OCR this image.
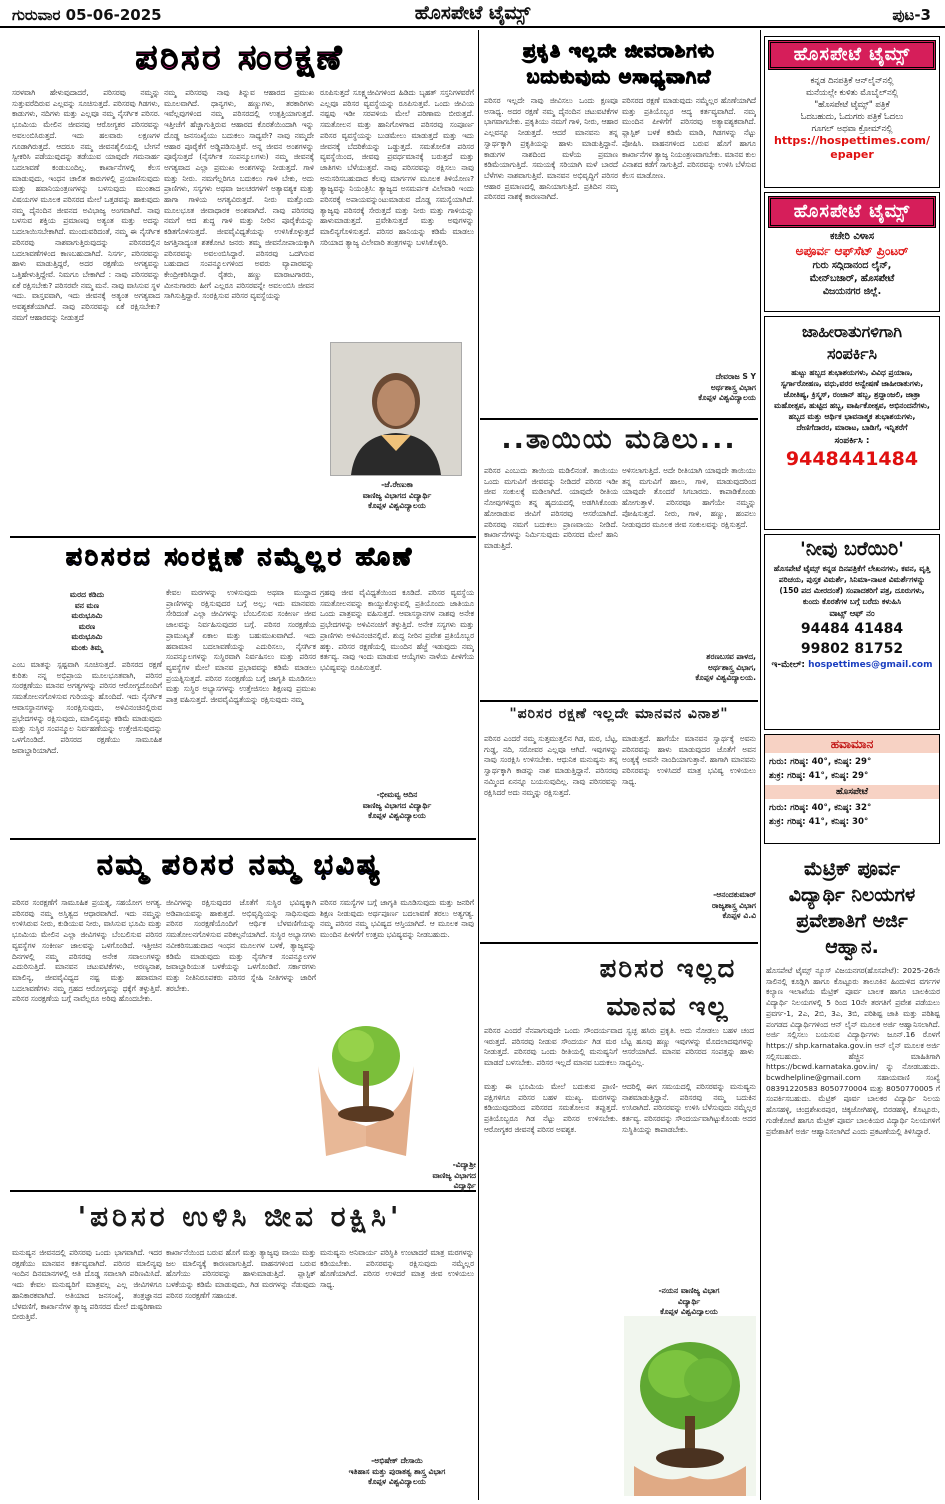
ಗುರುವಾರ 05-06-2025	ಹೊಸಪೇಟೆ ಟೈಮ್ಸ್	ಪುಟ-3
ಪರಿಸರ ಸಂರಕ್ಷಣೆ
ಸರಳವಾಗಿ ಹೇಳುವುದಾದರೆ, ಪರಿಸರವು ನಮ್ಮನ್ನು ಸುತ್ತುವರೆದಿರುವ ಎಲ್ಲವನ್ನು ಸೂಚಿಸುತ್ತದೆ. ಪರಿಸರವು ಗಿಡಗಳು, ಕಾಡುಗಳು, ನದಿಗಳು ಮತ್ತು ಎಲ್ಲವೂ ನಮ್ಮ ನೈಸರ್ಗಿಕ ಪರಿಸರ. ಭೂಮಿಯ ಮೇಲಿನ ಜೀವನವು ಆರೋಗ್ಯಕರ ಪರಿಸರವನ್ನು ಅವಲಂಬಿಸಿರುತ್ತದೆ. ಇದು ಹಲವಾರು ಲಕ್ಷಣಗಳ ಗೂಡಾಗಿರುತ್ತದೆ. ಆದರೂ ನಮ್ಮ ಜೀವನಶೈಲಿಯಲ್ಲಿ ಬೇಗನೆ ಸ್ವೀಕರಿಸಿ ಪಡೆಯುವುದನ್ನು ತಡೆಯುವ ಯಾವುದೇ ಗಮನಾರ್ಹ ಬದಲಾವಣೆ ಕಂಡುಬಂದಿಲ್ಲ. ಕಾರ್ಖಾನೆಗಳಲ್ಲಿ ಕೆಲಸ ಮಾಡುವುದು, ಇಂಧನ ಚಾಲಿತ ಕಾರುಗಳಲ್ಲಿ ಪ್ರಯಾಣಿಸುವುದು ಮತ್ತು ಹವಾನಿಯಂತ್ರಣಗಳನ್ನು ಬಳಸುವುದು ಮುಂತಾದ ವಿಷಯಗಳ ಮೂಲಕ ಪರಿಸರದ ಮೇಲೆ ಒತ್ತಡವನ್ನು ಹಾಕುವುದು ನಮ್ಮ ದೈನಂದಿನ ಜೀವನದ ಅವಿಭಾಜ್ಯ ಅಂಗವಾಗಿದೆ. ನಾವು ಬಳಸುವ ಶಕ್ತಿಯ ಪ್ರಮಾಣವು ಅತ್ಯಂತ ಮತ್ತು ಅದನ್ನು ಬದಲಾಯಿಸಬೇಕಾಗಿದೆ. ಮುಂದುವರಿದಂತೆ, ನಮ್ಮ ಈ ನೈಸರ್ಗಿಕ ಪರಿಸರವು ನಾಶವಾಗುತ್ತಿರುವುದನ್ನು ಪರಿಸರದಲ್ಲಿನ ಬದಲಾವಣೆಗಳಿಂದ ಕಾಣಬಹುದಾಗಿದೆ. ನಿಸರ್ಗ, ಪರಿಸರವನ್ನು ಹಾಳು ಮಾಡುತ್ತಿದ್ದರೆ, ಅದರ ರಕ್ಷಣೆಯ ಅಗತ್ಯವನ್ನು ಒತ್ತಿಹೇಳುತ್ತಿದ್ದೇವೆ. ನಿಮಗೂ ಬೇಕಾಗಿದೆ : ನಾವು ಪರಿಸರವನ್ನು ಏಕೆ ರಕ್ಷಿಸಬೇಕು? ಪರಿಸರವೇ ನಮ್ಮ ಮನೆ. ನಾವು ವಾಸಿಸುವ ಸ್ಥಳ ಇದು. ವಾಸ್ತವವಾಗಿ, ಇದು ಜೀವನಕ್ಕೆ ಅತ್ಯಂತ ಅಗತ್ಯವಾದ ಅವಶ್ಯಕತೆಯಾಗಿದೆ. ನಾವು ಪರಿಸರವನ್ನು ಏಕೆ ರಕ್ಷಿಸಬೇಕು? ನಮಗೆ ಆಹಾರವನ್ನು ನೀಡುತ್ತದೆ
ನಮ್ಮ ಪರಿಸರವು ನಾವು ತಿನ್ನುವ ಆಹಾರದ ಪ್ರಮುಖ ಮೂಲವಾಗಿದೆ. ಧಾನ್ಯಗಳು, ಹಣ್ಣುಗಳು, ತರಕಾರಿಗಳು ಇವೆಲ್ಲವುಗಳಿಂದ ನಮ್ಮ ಪರಿಸರದಲ್ಲಿ ಉತ್ಪತ್ತಿಯಾಗುತ್ತದೆ. ಇತ್ತೀಚೆಗೆ ಹೆಚ್ಚಾಗುತ್ತಿರುವ ಆಹಾರದ ಕೊರತೆಯಿಂದಾಗಿ ಇನ್ನು ದೊಡ್ಡ ಜನಸಂಖ್ಯೆಯು ಬದುಕಲು ಸಾಧ್ಯವೇ? ನಾವು ನಮ್ಮದೇ ಆಹಾರ ಪೂರೈಕೆಗೆ ಅಡ್ಡಿಪಡಿಸುತ್ತಿವೆ. ಅನ್ನ ಜೀವನ ಅಂಶಗಳನ್ನು ಪೂರೈಸುತ್ತದೆ (ನೈಸರ್ಗಿಕ ಸಂಪನ್ಮೂಲಗಳು) ನಮ್ಮ ಜೀವನಕ್ಕೆ ಅಗತ್ಯವಾದ ಎಲ್ಲಾ ಪ್ರಮುಖ ಅಂಶಗಳನ್ನು ನೀಡುತ್ತದೆ. ಗಾಳಿ ಮತ್ತು ನೀರು. ನಮಗೆಲ್ಲರಿಗೂ ಬದುಕಲು ಗಾಳಿ ಬೇಕು, ಅದು ಪ್ರಾಣಿಗಳು, ಸಸ್ಯಗಳು ಅಥವಾ ಜಲಚರಗಳಿಗೆ ಅತ್ಯಾವಶ್ಯಕ ಮತ್ತು ಹಾಗಾ ಗಾಳಿಯ ಅಗತ್ಯವಿರುತ್ತದೆ. ನೀರು ಮತ್ತೊಂದು ಮೂಲಭೂತ ಜೀವಾಧಾರಕ ಅಂಶವಾಗಿದೆ. ನಾವು ಪರಿಸರವು ನಮಗೆ ಆದ ಶುದ್ಧ ಗಾಳಿ ಮತ್ತು ನೀರಿನ ಪೂರೈಕೆಯನ್ನು ಕಡಿತಗೊಳಿಸುತ್ತದೆ. ಜೀವವೈವಿಧ್ಯತೆಯನ್ನು ಉಳಿಸಿಕೊಳ್ಳುತ್ತದೆ ಜಗತ್ತಿನಾದ್ಯಂತ ಶತಕೋಟಿ ಜನರು ತಮ್ಮ ಜೀವನೋಪಾಯಕ್ಕಾಗಿ ಪರಿಸರವನ್ನು ಅವಲಂಬಿಸಿದ್ದಾರೆ. ಪರಿಸರವು ಒದಗಿಸುವ ಬಹುದಾದ ಸಂಪನ್ಮೂಲಗಳಿಂದ ಅವರು ವ್ಯಾಪಾರವನ್ನು ಕೇಂದ್ರೀಕರಿಸಿದ್ದಾರೆ. ರೈತರು, ಹಣ್ಣು ಮಾರಾಟಗಾರರು, ಮೀನುಗಾರರು ಹೀಗೆ ಎಲ್ಲರೂ ಪರಿಸರವನ್ನೇ ಅವಲಂಬಿಸಿ ಜೀವನ ಸಾಗಿಸುತ್ತಿದ್ದಾರೆ. ಸಂರಕ್ಷಿಸುವ ಪರಿಸರ ವ್ಯವಸ್ಥೆಯನ್ನು
ರೂಪಿಸುತ್ತದೆ ಸೂಕ್ಷ್ಮಜೀವಿಗಳಿಂದ ಹಿಡಿದು ಬೃಹತ್ ಸಸ್ತನಿಗಳವರೆಗೆ ಎಲ್ಲವೂ ಪರಿಸರ ವ್ಯವಸ್ಥೆಯನ್ನು ರೂಪಿಸುತ್ತವೆ. ಒಂದು ಜೀವಿಯ ನಷ್ಟವು ಇಡೀ ಸರಪಳಿಯ ಮೇಲೆ ಪರಿಣಾಮ ಬೀರುತ್ತದೆ. ಸಮತೋಲನ ಮತ್ತು ಹಾನಿಗೊಳಗಾದ ಪರಿಸರವು ಸಂಪೂರ್ಣ ಪರಿಸರ ವ್ಯವಸ್ಥೆಯನ್ನು ಬುಡಮೇಲು ಮಾಡುತ್ತದೆ ಮತ್ತು ಇದು ಜೀವನಕ್ಕೆ ಬೆದರಿಕೆಯನ್ನು ಒಡ್ಡುತ್ತದೆ. ಸಮತೋಲಿತ ಪರಿಸರ ವ್ಯವಸ್ಥೆಯಿಂದ, ಜೀವವು ಪ್ರವರ್ಧಮಾನಕ್ಕೆ ಬರುತ್ತದೆ ಮತ್ತು ಜಾತಿಗಳು ಬೆಳೆಯುತ್ತವೆ. ನಾವು ಪರಿಸರವನ್ನು ರಕ್ಷಿಸಲು ನಾವು ಅನುಸರಿಸಬಹುದಾದ ಕೆಲವು ಮಾರ್ಗಗಳ ಮೂಲಕ ತಿಳಿಯೋಣ? ತ್ಯಾಜ್ಯವನ್ನು ನಿಯಂತ್ರಿಸಿ: ತ್ಯಾಜ್ಯದ ಅಸಮರ್ಪಕ ವಿಲೇವಾರಿ ಇಂದು ಪರಿಸರಕ್ಕೆ ಅಪಾಯವನ್ನುಂಟುಮಾಡುವ ದೊಡ್ಡ ಸಮಸ್ಯೆಯಾಗಿದೆ. ತ್ಯಾಜ್ಯವು ಪರಿಸರಕ್ಕೆ ಸೇರುತ್ತದೆ ಮತ್ತು ನೀರು ಮತ್ತು ಗಾಳಿಯನ್ನು ಹಾಳುಮಾಡುತ್ತದೆ. ಪ್ರವೇಶಿಸುತ್ತದೆ ಮತ್ತು ಅವುಗಳನ್ನು ಮಾಲಿನ್ಯಗೊಳಿಸುತ್ತದೆ. ಪರಿಸರ ಹಾನಿಯನ್ನು ಕಡಿಮೆ ಮಾಡಲು ಸರಿಯಾದ ತ್ಯಾಜ್ಯ ವಿಲೇವಾರಿ ತಂತ್ರಗಳನ್ನು ಬಳಸಿಕೊಳ್ಳಿರಿ.
-ಜೆ.ರೇಣುಕಾ
ವಾಣಿಜ್ಯ ವಿಭಾಗದ ವಿದ್ಯಾರ್ಥಿ
ಕೊಪ್ಪಳ ವಿಶ್ವವಿದ್ಯಾಲಯ
ಪರಿಸರದ ಸಂರಕ್ಷಣೆ ನಮ್ಮೆಲ್ಲರ ಹೊಣೆ
ಮರದ ಕಡಿದು
ವನ ಮಣ
ಮರುಭೂಮಿ
ಮರಣ
ಮರುಭೂಮಿ
ಮಂಕು ತಿಮ್ಮ
ಎಂಬ ಮಾತನ್ನು ಸ್ಪಷ್ಟವಾಗಿ ಸೂಚಿಸುತ್ತದೆ. ಪರಿಸರದ ರಕ್ಷಣೆ ಕುರಿತು ನನ್ನ ಅಭಿಪ್ರಾಯ ಮೂಲಭೂತವಾಗಿ, ಪರಿಸರ ಸಂರಕ್ಷಣೆಯು ಮಾನವ ಅಗತ್ಯಗಳನ್ನು ಪರಿಸರ ಆರೋಗ್ಯದೊಂದಿಗೆ ಸಮತೋಲನಗೊಳಿಸುವ ಗುರಿಯನ್ನು ಹೊಂದಿದೆ. ಇದು ನೈಸರ್ಗಿಕ ಆವಾಸಸ್ಥಾನಗಳನ್ನು ಸಂರಕ್ಷಿಸುವುದು, ಅಳಿವಿನಂಚಿನಲ್ಲಿರುವ ಪ್ರಭೇದಗಳನ್ನು ರಕ್ಷಿಸುವುದು, ಮಾಲಿನ್ಯವನ್ನು ಕಡಿಮೆ ಮಾಡುವುದು ಮತ್ತು ಸುಸ್ಥಿರ ಸಂಪನ್ಮೂಲ ನಿರ್ವಹಣೆಯನ್ನು ಉತ್ತೇಜಿಸುವುದನ್ನು ಒಳಗೊಂಡಿದೆ. ಪರಿಸರದ ರಕ್ಷಣೆಯು ಸಾಮೂಹಿಕ ಜವಾಬ್ದಾರಿಯಾಗಿದೆ.
ಕೇವಲ ಮರಗಳನ್ನು ಉಳಿಸುವುದು ಅಥವಾ ಮುದ್ದಾದ ಪ್ರಾಣಿಗಳನ್ನು ರಕ್ಷಿಸುವುದರ ಬಗ್ಗೆ ಅಲ್ಲ; ಇದು ಮಾನವರು ಸೇರಿದಂತೆ ಎಲ್ಲಾ ಜೀವಿಗಳನ್ನು ಬೆಂಬಲಿಸುವ ಸಂಕೀರ್ಣ ಜೀವ ಜಾಲವನ್ನು ನಿರ್ವಹಿಸುವುದರ ಬಗ್ಗೆ. ಪರಿಸರ ಸಂರಕ್ಷಣೆಯ ಪ್ರಾಮುಖ್ಯತೆ ಏಕಾಲ ಮತ್ತು ಬಹುಮುಖವಾಗಿದೆ. ಇದು ಹವಾಮಾನ ಬದಲಾವಣೆಯನ್ನು ಎದುರಿಸಲು, ನೈಸರ್ಗಿಕ ಸಂಪನ್ಮೂಲಗಳನ್ನು ಸುಸ್ಥಿರವಾಗಿ ನಿರ್ವಹಿಸಲು ಮತ್ತು ಪರಿಸರ ವ್ಯವಸ್ಥೆಗಳ ಮೇಲೆ ಮಾನವ ಪ್ರಭಾವವನ್ನು ಕಡಿಮೆ ಮಾಡಲು ಪ್ರಯತ್ನಿಸುತ್ತದೆ. ಪರಿಸರ ಸಂರಕ್ಷಣೆಯ ಬಗ್ಗೆ ಜಾಗೃತಿ ಮೂಡಿಸಲು ಮತ್ತು ಸುಸ್ಥಿರ ಅಭ್ಯಾಸಗಳನ್ನು ಉತ್ತೇಜಿಸಲು ಶಿಕ್ಷಣವು ಪ್ರಮುಖ ಪಾತ್ರ ವಹಿಸುತ್ತದೆ. ಜೀವವೈವಿಧ್ಯತೆಯನ್ನು ರಕ್ಷಿಸುವುದು ನಮ್ಮ
ಗ್ರಹವು ಜೀವ ವೈವಿಧ್ಯತೆಯಿಂದ ಕೂಡಿದೆ. ಪರಿಸರ ವ್ಯವಸ್ಥೆಯ ಸಮತೋಲನವನ್ನು ಕಾಯ್ದುಕೊಳ್ಳುವಲ್ಲಿ ಪ್ರತಿಯೊಂದು ಜಾತಿಯೂ ಒಂದು ಪಾತ್ರವನ್ನು ವಹಿಸುತ್ತದೆ. ಆವಾಸಸ್ಥಾನಗಳ ನಾಶವು ಅನೇಕ ಪ್ರಭೇದಗಳನ್ನು ಅಳಿವಿನಂಚಿಗೆ ತಳ್ಳುತ್ತಿದೆ. ಅನೇಕ ಸಸ್ಯಗಳು ಮತ್ತು ಪ್ರಾಣಿಗಳು ಅಳಿವಿನಂಚಿನಲ್ಲಿವೆ. ಶುದ್ಧ ನೀರಿನ ಪ್ರವೇಶ ಪ್ರತಿಯೊಬ್ಬರ ಹಕ್ಕು. ಪರಿಸರ ರಕ್ಷಣೆಯಲ್ಲಿ ಮುಂದಿನ ಹೆಜ್ಜೆ ಇಡುವುದು ನಮ್ಮ ಕರ್ತವ್ಯ. ನಾವು ಇಂದು ಮಾಡುವ ಆಯ್ಕೆಗಳು ನಾಳೆಯ ಪೀಳಿಗೆಯ ಭವಿಷ್ಯವನ್ನು ರೂಪಿಸುತ್ತವೆ.
-ಭೀಮವ್ವ ಆದಿನ
ವಾಣಿಜ್ಯ ವಿಭಾಗದ ವಿದ್ಯಾರ್ಥಿ
ಕೊಪ್ಪಳ ವಿಶ್ವವಿದ್ಯಾಲಯ
ನಮ್ಮ ಪರಿಸರ ನಮ್ಮ ಭವಿಷ್ಯ
ಪರಿಸರ ಸಂರಕ್ಷಣೆಗೆ ಸಾಮೂಹಿಕ ಪ್ರಯತ್ನ, ಸಹಯೋಗ ಅಗತ್ಯ. ಪರಿಸರವು ನಮ್ಮ ಅಸ್ತಿತ್ವದ ಆಧಾರವಾಗಿದೆ. ಇದು ನಮ್ಮನ್ನು ಉಳಿಸಿರುವ ನೀರು, ಕುಡಿಯುವ ನೀರು, ವಾಸಿಸುವ ಭೂಮಿ ಮತ್ತು ಭೂಮಿಯ ಮೇಲಿನ ಎಲ್ಲಾ ಜೀವಿಗಳನ್ನು ಬೆಂಬಲಿಸುವ ಪರಿಸರ ವ್ಯವಸ್ಥೆಗಳ ಸಂಕೀರ್ಣ ಜಾಲವನ್ನು ಒಳಗೊಂಡಿದೆ. ಇತ್ತೀಚಿನ ದಿನಗಳಲ್ಲಿ ನಮ್ಮ ಪರಿಸರವು ಅನೇಕ ಸವಾಲುಗಳನ್ನು ಎದುರಿಸುತ್ತಿದೆ. ಮಾನವನ ಚಟುವಟಿಕೆಗಳು, ಅರಣ್ಯನಾಶ, ಮಾಲಿನ್ಯ, ಜೀವವೈವಿಧ್ಯದ ನಷ್ಟ ಮತ್ತು ಹವಾಮಾನ ಬದಲಾವಣೆಗಳು ನಮ್ಮ ಗ್ರಹದ ಆರೋಗ್ಯವನ್ನು ಧಕ್ಕೆಗೆ ತಳ್ಳುತ್ತಿವೆ. ಪರಿಸರ ಸಂರಕ್ಷಣೆಯ ಬಗ್ಗೆ ನಾವೆಲ್ಲರೂ ಅರಿವು ಹೊಂದಬೇಕು.
ಜೀವಿಗಳನ್ನು ರಕ್ಷಿಸುವುದರ ಜೊತೆಗೆ ಸುಸ್ಥಿರ ಭವಿಷ್ಯಕ್ಕಾಗಿ ಅಡಿಪಾಯವನ್ನು ಹಾಕುತ್ತದೆ. ಅಭಿವೃದ್ಧಿಯನ್ನು ಸಾಧಿಸುವುದು ಪರಿಸರ ಸಂರಕ್ಷಣೆಯೊಂದಿಗೆ ಆರ್ಥಿಕ ಬೆಳವಣಿಗೆಯನ್ನು ಸಮತೋಲನಗೊಳಿಸುವ ಪರಿಕಲ್ಪನೆಯಾಗಿದೆ. ಸುಸ್ಥಿರ ಅಭ್ಯಾಸಗಳು ನವೀಕರಿಸಬಹುದಾದ ಇಂಧನ ಮೂಲಗಳ ಬಳಕೆ, ತ್ಯಾಜ್ಯವನ್ನು ಕಡಿಮೆ ಮಾಡುವುದು ಮತ್ತು ನೈಸರ್ಗಿಕ ಸಂಪನ್ಮೂಲಗಳ ಜವಾಬ್ದಾರಿಯುತ ಬಳಕೆಯನ್ನು ಒಳಗೊಂಡಿವೆ. ಸರ್ಕಾರಗಳು ಮತ್ತು ನೀತಿನಿರೂಪಕರು ಪರಿಸರ ಸ್ನೇಹಿ ನೀತಿಗಳನ್ನು ಜಾರಿಗೆ ತರಬೇಕು.
ಪರಿಸರ ಸಮಸ್ಯೆಗಳ ಬಗ್ಗೆ ಜಾಗೃತಿ ಮೂಡಿಸುವುದು ಮತ್ತು ಜನರಿಗೆ ಶಿಕ್ಷಣ ನೀಡುವುದು ಅರ್ಥಪೂರ್ಣ ಬದಲಾವಣೆ ತರಲು ಅತ್ಯಗತ್ಯ. ನಮ್ಮ ಪರಿಸರ ನಮ್ಮ ಭವಿಷ್ಯದ ಆಸ್ತಿಯಾಗಿದೆ. ಆ ಮೂಲಕ ನಾವು ಮುಂದಿನ ಪೀಳಿಗೆಗೆ ಉತ್ತಮ ಭವಿಷ್ಯವನ್ನು ನೀಡಬಹುದು.
-ವಿದ್ಯಾಶ್ರೀ
ವಾಣಿಜ್ಯ ವಿಭಾಗದ ವಿದ್ಯಾರ್ಥಿ
'ಪರಿಸರ ಉಳಿಸಿ ಜೀವ ರಕ್ಷಿಸಿ'
ಮನುಷ್ಯನ ಜೀವನದಲ್ಲಿ ಪರಿಸರವು ಒಂದು ಭಾಗವಾಗಿದೆ. ಇದರ ರಕ್ಷಣೆಯು ಮಾನವನ ಕರ್ತವ್ಯವಾಗಿದೆ. ಪರಿಸರ ಮಾಲಿನ್ಯವು ಇಂದಿನ ದಿನಮಾನಗಳಲ್ಲಿ ಅತಿ ದೊಡ್ಡ ಸವಾಲಾಗಿ ಪರಿಣಮಿಸಿದೆ. ಇದು ಕೇವಲ ಮನುಷ್ಯರಿಗೆ ಮಾತ್ರವಲ್ಲ ಎಲ್ಲ ಜೀವಿಗಳಿಗೂ ಹಾನಿಕಾರಕವಾಗಿದೆ. ಅತಿಯಾದ ಜನಸಂಖ್ಯೆ, ತಂತ್ರಜ್ಞಾನದ ಬೆಳವಣಿಗೆ, ಕಾರ್ಖಾನೆಗಳ ತ್ಯಾಜ್ಯ ಪರಿಸರದ ಮೇಲೆ ದುಷ್ಪರಿಣಾಮ ಬೀರುತ್ತಿವೆ.
ಕಾರ್ಖಾನೆಯಿಂದ ಬರುವ ಹೊಗೆ ಮತ್ತು ತ್ಯಾಜ್ಯವು ವಾಯು ಮತ್ತು ಜಲ ಮಾಲಿನ್ಯಕ್ಕೆ ಕಾರಣವಾಗುತ್ತಿದೆ. ವಾಹನಗಳಿಂದ ಬರುವ ಹೊಗೆಯು ಪರಿಸರವನ್ನು ಹಾಳುಮಾಡುತ್ತಿದೆ. ಪ್ಲಾಸ್ಟಿಕ್ ಬಳಕೆಯನ್ನು ಕಡಿಮೆ ಮಾಡುವುದು, ಗಿಡ ಮರಗಳನ್ನು ನೆಡುವುದು ಪರಿಸರ ಸಂರಕ್ಷಣೆಗೆ ಸಹಾಯಕ.
ಮನುಷ್ಯನು ಅನಿವಾರ್ಯ ಪರಿಸ್ಥಿತಿ ಉಂಟಾದರೆ ಮಾತ್ರ ಮರಗಳನ್ನು ಕಡಿಯಬೇಕು. ಪರಿಸರವನ್ನು ರಕ್ಷಿಸುವುದು ನಮ್ಮೆಲ್ಲರ ಹೊಣೆಯಾಗಿದೆ. ಪರಿಸರ ಉಳಿದರೆ ಮಾತ್ರ ಜೀವ ಉಳಿಯಲು ಸಾಧ್ಯ.
-ಅಭಿಷೇಕ್ ದೇಸಾಯಿ
ಇತಿಹಾಸ ಮತ್ತು ಪುರಾತತ್ವ ಶಾಸ್ತ್ರ ವಿಭಾಗ
ಕೊಪ್ಪಳ ವಿಶ್ವವಿದ್ಯಾಲಯ
ಪ್ರಕೃತಿ ಇಲ್ಲದೇ ಜೀವರಾಶಿಗಳು
ಬದುಕುವುದು ಅಸಾಧ್ಯವಾಗಿದೆ
ಪರಿಸರ ಇಲ್ಲದೇ ನಾವು ಜೀವಿಸಲು ಒಂದು ಕ್ಷಣವೂ ಅಸಾಧ್ಯ. ಅದರ ರಕ್ಷಣೆ ನಮ್ಮ ದೈನಂದಿನ ಚಟುವಟಿಕೆಗಳ ಭಾಗವಾಗಬೇಕು. ಪ್ರಕೃತಿಯು ನಮಗೆ ಗಾಳಿ, ನೀರು, ಆಹಾರ ಎಲ್ಲವನ್ನೂ ನೀಡುತ್ತದೆ. ಆದರೆ ಮಾನವನು ತನ್ನ ಸ್ವಾರ್ಥಕ್ಕಾಗಿ ಪ್ರಕೃತಿಯನ್ನು ಹಾಳು ಮಾಡುತ್ತಿದ್ದಾನೆ. ಕಾಡುಗಳ ನಾಶದಿಂದ ಮಳೆಯ ಪ್ರಮಾಣ ಕಡಿಮೆಯಾಗುತ್ತಿದೆ. ಸಮಯಕ್ಕೆ ಸರಿಯಾಗಿ ಮಳೆ ಬಾರದೆ ಬೆಳೆಗಳು ನಾಶವಾಗುತ್ತಿವೆ. ಮಾನವನ ಅಭಿವೃದ್ಧಿಗೆ ಪರಿಸರ ಆಹಾರ ಪ್ರಮಾಣದಲ್ಲಿ ಹಾನಿಯಾಗುತ್ತಿದೆ. ಪ್ರತಿದಿನ ನಮ್ಮ ಪರಿಸರದ ನಾಶಕ್ಕೆ ಕಾರಣನಾಗಿದೆ.
ಪರಿಸರದ ರಕ್ಷಣೆ ಮಾಡುವುದು ನಮ್ಮೆಲ್ಲರ ಹೊಣೆಯಾಗಿದೆ ಮತ್ತು ಪ್ರತಿಯೊಬ್ಬರ ಆದ್ಯ ಕರ್ತವ್ಯವಾಗಿದೆ. ನಮ್ಮ ಮುಂದಿನ ಪೀಳಿಗೆಗೆ ಪರಿಸರವು ಅತ್ಯಾವಶ್ಯಕವಾಗಿದೆ. ಪ್ಲಾಸ್ಟಿಕ್ ಬಳಕೆ ಕಡಿಮೆ ಮಾಡಿ, ಗಿಡಗಳನ್ನು ನೆಟ್ಟು ಪೋಷಿಸಿ. ವಾಹನಗಳಿಂದ ಬರುವ ಹೊಗೆ ಹಾಗೂ ಕಾರ್ಖಾನೆಗಳ ತ್ಯಾಜ್ಯ ನಿಯಂತ್ರಣವಾಗಬೇಕು. ಮಾನವ ಕುಲ ವಿನಾಶದ ಕಡೆಗೆ ಸಾಗುತ್ತಿದೆ. ಪರಿಸರವನ್ನು ಉಳಿಸಿ ಬೆಳೆಸುವ ಕೆಲಸ ಮಾಡೋಣ.
ದೇವರಾಜ S Y
ಅರ್ಥಶಾಸ್ತ್ರ ವಿಭಾಗ
ಕೊಪ್ಪಳ ವಿಶ್ವವಿದ್ಯಾಲಯ
..ತಾಯಿಯ ಮಡಿಲು...
ಪರಿಸರ ಎಂಬುದು ತಾಯಿಯ ಮಡಿಲಿನಂತೆ. ತಾಯಿಯು ಒಂದು ಮಗುವಿಗೆ ಜೀವವನ್ನು ನೀಡಿದರೆ ಪರಿಸರ ಇಡೀ ಜೀವ ಸಂಕುಲಕ್ಕೆ ಮಡಿಲಾಗಿದೆ. ಯಾವುದೇ ರೀತಿಯ ನೋವುಗಳಿದ್ದರು ತನ್ನ ಹೃದಯದಲ್ಲಿ ಅಡಗಿಸಿಕೊಂಡು ಹೋರಾಡುವ ಜೀವಿಗೆ ಪರಿಸರವು ಆಸರೆಯಾಗಿದೆ. ಪರಿಸರವು ನಮಗೆ ಬದುಕಲು ಪ್ರಾಣವಾಯು ನೀಡಿದೆ. ಕಾರ್ಖಾನೆಗಳನ್ನು ನಿರ್ಮಿಸುವುದು ಪರಿಸರದ ಮೇಲೆ ಹಾನಿ ಮಾಡುತ್ತಿದೆ.
ಅಳಿಸಲಾಗುತ್ತಿದೆ. ಅದೇ ರೀತಿಯಾಗಿ ಯಾವುದೇ ತಾಯಿಯು ತನ್ನ ಮಗುವಿಗೆ ಹಾಲು, ಗಾಳಿ, ಮಾಡುವುದರಿಂದ ಯಾವುದೇ ತೊಂದರೆ ಸಿಗಬಾರದು. ಕಾಪಾಡಿಕೊಂಡು ಹೋಗುತ್ತಾಳೆ. ಪರಿಸರವೂ ಹಾಗೆಯೇ ನಮ್ಮನ್ನು ಪೋಷಿಸುತ್ತದೆ. ನೀರು, ಗಾಳಿ, ಹಣ್ಣು, ಹಂಪಲು ನೀಡುವುದರ ಮೂಲಕ ಜೀವ ಸಂಕುಲವನ್ನು ರಕ್ಷಿಸುತ್ತದೆ.
ಶರಣಬಸವ ಪಾಳದ,
ಅರ್ಥಶಾಸ್ತ್ರ ವಿಭಾಗ,
ಕೊಪ್ಪಳ ವಿಶ್ವವಿದ್ಯಾಲಯ.
"ಪರಿಸರ ರಕ್ಷಣೆ ಇಲ್ಲದೇ ಮಾನವನ ವಿನಾಶ"
ಪರಿಸರ ಎಂದರೆ ನಮ್ಮ ಸುತ್ತಮುತ್ತಲಿನ ಗಿಡ, ಮರ, ಬೆಟ್ಟ, ಗುಡ್ಡ, ನದಿ, ಸರೋವರ ಎಲ್ಲವೂ ಆಗಿದೆ. ಇವುಗಳನ್ನು ನಾವು ಸಂರಕ್ಷಿಸಿ ಉಳಿಸಬೇಕು. ಆಧುನಿಕ ಮನುಷ್ಯನು ತನ್ನ ಸ್ವಾರ್ಥಕ್ಕಾಗಿ ಕಾಡನ್ನು ನಾಶ ಮಾಡುತ್ತಿದ್ದಾನೆ. ಪರಿಸರವು ನಮ್ಮಿಂದ ಏನನ್ನೂ ಬಯಸುವುದಿಲ್ಲ. ನಾವು ಪರಿಸರವನ್ನು ರಕ್ಷಿಸಿದರೆ ಅದು ನಮ್ಮನ್ನು ರಕ್ಷಿಸುತ್ತದೆ.
ಮಾಡುತ್ತದೆ. ಹಾಗೆಯೇ ಮಾನವನ ಸ್ವಾರ್ಥಕ್ಕೆ ಅವನು ಪರಿಸರವನ್ನು ಹಾಳು ಮಾಡುವುದರ ಜೊತೆಗೆ ಅವನ ಅಂತ್ಯಕ್ಕೆ ಅವನೇ ನಾಂದಿಯಾಗುತ್ತಾನೆ. ಹಾಗಾಗಿ ಮಾನವನು ಪರಿಸರವನ್ನು ಉಳಿಸಿದರೆ ಮಾತ್ರ ಭವಿಷ್ಯ ಉಳಿಯಲು ಸಾಧ್ಯ.
-ಆನಂದಕುಮಾರ್
ರಾಜ್ಯಶಾಸ್ತ್ರ ವಿಭಾಗ
ಕೊಪ್ಪಳ ವಿ.ವಿ
ಪರಿಸರ ಇಲ್ಲದ
ಮಾನವ ಇಲ್ಲ
ಪರಿಸರ ಎಂದರೆ ನೆನಪಾಗುವುದೇ ಒಂದು ಸೌಂದರ್ಯವಾದ ಸ್ವಚ್ಛ ಹಸಿರು ಪ್ರಕೃತಿ. ಅದು ನೋಡಲು ಬಹಳ ಚಂದ ಇರುತ್ತದೆ. ಪರಿಸರವು ನೀಡುವ ಸೌಂದರ್ಯ ಗಿಡ ಮರ ಬೆಟ್ಟ ಹೂವು ಹಣ್ಣು ಇವುಗಳನ್ನು ಮೊದಲಾದವುಗಳನ್ನು ನೀಡುತ್ತದೆ. ಪರಿಸರವು ಒಂದು ರೀತಿಯಲ್ಲಿ ಮನುಷ್ಯನಿಗೆ ಆಸರೆಯಾಗಿದೆ. ಮಾನವ ಪರಿಸರದ ಸಂಪತ್ತನ್ನು ಹಾಳು ಮಾಡದೆ ಬಳಸಬೇಕು. ಪರಿಸರ ಇಲ್ಲದೆ ಮಾನವ ಬದುಕಲು ಸಾಧ್ಯವಿಲ್ಲ.
ಮತ್ತು ಈ ಭೂಮಿಯ ಮೇಲೆ ಬದುಕುವ ಪ್ರಾಣಿ-ಪಕ್ಷಿಗಳಿಗೂ ಪರಿಸರ ಬಹಳ ಮುಖ್ಯ. ಮರಗಳನ್ನು ಕಡಿಯುವುದರಿಂದ ಪರಿಸರದ ಸಮತೋಲನ ತಪ್ಪುತ್ತದೆ. ಪ್ರತಿಯೊಬ್ಬರೂ ಗಿಡ ನೆಟ್ಟು ಪರಿಸರ ಉಳಿಸಬೇಕು. ಆರೋಗ್ಯಕರ ಜೀವನಕ್ಕೆ ಪರಿಸರ ಅವಶ್ಯಕ.
ಆದರಿಲ್ಲಿ ಈಗ ಸಮಯದಲ್ಲಿ ಪರಿಸರವನ್ನು ಮನುಷ್ಯನು ನಾಶಮಾಡುತ್ತಿದ್ದಾನೆ. ಪರಿಸರವು ನಮ್ಮ ಬದುಕಿನ ಉಸಿರಾಗಿದೆ. ಪರಿಸರವನ್ನು ಉಳಿಸಿ ಬೆಳೆಸುವುದು ನಮ್ಮೆಲ್ಲರ ಕರ್ತವ್ಯ. ಪರಿಸರವನ್ನು ಸೌಂದರ್ಯವಾಗಿಟ್ಟುಕೊಂಡು ಅದರ ಸುಸ್ಥಿತಿಯನ್ನು ಕಾಪಾಡಬೇಕು.
-ನಯನ ವಾಣಿಜ್ಯ ವಿಭಾಗ
ವಿದ್ಯಾರ್ಥಿ
ಕೊಪ್ಪಳ ವಿಶ್ವವಿದ್ಯಾಲಯ
ಹೊಸಪೇಟೆ ಟೈಮ್ಸ್
ಕನ್ನಡ ದಿನಪತ್ರಿಕೆ ಆನ್‌ಲೈನ್‌ನಲ್ಲಿ
ಮನೆಯಲ್ಲೇ ಕುಳಿತು ಮೊಬೈಲ್‌ನಲ್ಲಿ
"ಹೊಸಪೇಟೆ ಟೈಮ್ಸ್" ಪತ್ರಿಕೆ
ಓದಬಹುದು, ಓದುಗರು ಪತ್ರಿಕೆ ಓದಲು
ಗೂಗಲ್ ಅಥವಾ ಕ್ರೋಮ್‌ನಲ್ಲಿ
https://hospettimes.com/
epaper
ಹೊಸಪೇಟೆ ಟೈಮ್ಸ್
ಕಚೇರಿ ವಿಳಾಸ
ಅಪೂರ್ವ ಆಫ್‌ಸೆಟ್ ಪ್ರಿಂಟರ್
ಗುರು ಸದ್ಗಿದಾನಂದ ಲೈನ್,
ಮೇನ್‌ಬಜಾರ್, ಹೊಸಪೇಟೆ
ವಿಜಯನಗರ ಜಿಲ್ಲೆ.
ಜಾಹೀರಾತುಗಳಿಗಾಗಿ
ಸಂಪರ್ಕಿಸಿ
ಹುಟ್ಟು ಹಬ್ಬದ ಶುಭಾಶಯಗಳು, ವಿವಿಧ ಪ್ರಯಾಣ, ಸ್ವರ್ಗಾರೋಹಣ, ವಧು,ವರರ ಅನ್ವೇಷಣೆ ಜಾಹೀರಾತುಗಳು, ಜೋತಿಷ್ಯ, ಕ್ರಿಸ್ಮಸ್, ರಂಜಾನ್ ಹಬ್ಬ, ಶ್ರದ್ದಾಂಜಲಿ, ಜಾತ್ರಾ ಮಹೋತ್ಸವ, ಹುಟ್ಟಿದ ಹಬ್ಬ, ವಾರ್ಷಿಕೋತ್ಸವ, ಅಭಿನಂದನೆಗಳು, ಹಬ್ಬದ ಮತ್ತು ಆರ್ಥಿಕ ಭಾವನಾತ್ಮಕ ಶುಭಾಶಯಗಳು, ದೇಣಿಗೆದಾರರ, ಮಾರಾಟ, ಬಾಡಿಗೆ, ಇನ್ನಿತರೆಗೆ
ಸಂಪರ್ಕಿಸಿ :
9448441484
'ನೀವು ಬರೆಯಿರಿ'
ಹೊಸಪೇಟೆ ಟೈಮ್ಸ್ ಕನ್ನಡ ದಿನಪತ್ರಿಕೆಗೆ ಲೇಖನಗಳು, ಕವನ, ವೃತ್ತಿ ಪರಿಚಯ, ಪುಸ್ತಕ ವಿಮರ್ಶೆ, ಸಿನಿಮಾ-ನಾಟಕ ವಿಮರ್ಶೆಗಳನ್ನು (150 ಪದ ಮೀರದಂತೆ) ಸಂಪಾದಕರಿಗೆ ಪತ್ರ, ದೂರುಗಳು, ಕುಂದು ಕೊರತೆಗಳ ಬಗ್ಗೆ ಬರೆದು ಕಳುಹಿಸಿ
ವಾಟ್ಸ್ ಆಫ್ ನಂ
94484 41484
99802 81752
ಇ-ಮೇಲ್: hospettimes@gmail.com
ಹವಾಮಾನ
ಗುರು: ಗರಿಷ್ಠ: 40°, ಕನಿಷ್ಠ: 29°
ಶುಕ್ರ: ಗರಿಷ್ಠ: 41°, ಕನಿಷ್ಠ: 29°
ಹೊಸಪೇಟೆ
ಗುರು: ಗರಿಷ್ಠ: 40°, ಕನಿಷ್ಠ: 32°
ಶುಕ್ರ: ಗರಿಷ್ಠ: 41°, ಕನಿಷ್ಠ: 30°
ಮೆಟ್ರಿಕ್ ಪೂರ್ವ
ವಿದ್ಯಾರ್ಥಿ ನಿಲಯಗಳ
ಪ್ರವೇಶಾತಿಗೆ ಅರ್ಜಿ
ಆಹ್ವಾನ.
ಹೊಸಪೇಟೆ ಟೈಮ್ಸ್ ನ್ಯೂಸ್ ವಿಜಯನಗರ(ಹೊಸಪೇಟೆ): 2025-26ನೇ ಸಾಲಿನಲ್ಲಿ ಕೂಡ್ಲಿಗಿ ಹಾಗೂ ಕೊಟ್ಟೂರು ತಾಲೂಕಿನ ಹಿಂದುಳಿದ ವರ್ಗಗಳ ಕಲ್ಯಾಣ ಇಲಾಖೆಯ ಮೆಟ್ರಿಕ್ ಪೂರ್ವ ಬಾಲಕ ಹಾಗೂ ಬಾಲಕಿಯರ ವಿದ್ಯಾರ್ಥಿ ನಿಲಯಗಳಲ್ಲಿ 5 ರಿಂದ 10ನೇ ತರಗತಿಗೆ ಪ್ರವೇಶ ಪಡೆಯಲು ಪ್ರವರ್ಗ-1, 2ಎ, 2ಬಿ, 3ಎ, 3ಬಿ, ಪರಿಶಿಷ್ಟ ಜಾತಿ ಮತ್ತು ಪರಿಶಿಷ್ಟ ಪಂಗಡದ ವಿದ್ಯಾರ್ಥಿಗಳಿಂದ ಆನ್ ಲೈನ್ ಮೂಲಕ ಅರ್ಜಿ ಆಹ್ವಾನಿಸಲಾಗಿದೆ. ಅರ್ಜಿ ಸಲ್ಲಿಸಲು ಬಯಸುವ ವಿದ್ಯಾರ್ಥಿಗಳು ಜೂನ್.16 ರೊಳಗೆ https:// shp.karnataka.gov.in ಆನ್ ಲೈನ್ ಮೂಲಕ ಅರ್ಜಿ ಸಲ್ಲಿಸಬಹುದು. ಹೆಚ್ಚಿನ ಮಾಹಿತಿಗಾಗಿ https://bcwd.karnataka.gov.in/ ನ್ನು ನೋಡಬಹುದು. bcwdhelpline@gmail.com ಸಹಾಯವಾಣಿ ಸಂಖ್ಯೆ 08391220583 8050770004 ಮತ್ತು 8050770005 ಗೆ ಸಂಪರ್ಕಿಸಬಹುದು. ಮೆಟ್ರಿಕ್ ಪೂರ್ವ ಬಾಲಕರ ವಿದ್ಯಾರ್ಥಿ ನಿಲಯ ಹೊಸಹಳ್ಳಿ, ಚಂದ್ರಶೇಖರಪುರ, ಚಿಕ್ಕಜೋಗಿಹಳ್ಳಿ, ಬಿರಡಹಳ್ಳಿ, ಕೊಟ್ಟೂರು, ಗುಡೇಕೋಟೆ ಹಾಗೂ ಮೆಟ್ರಿಕ್ ಪೂರ್ವ ಬಾಲಕಿಯರ ವಿದ್ಯಾರ್ಥಿ ನಿಲಯಗಳಿಗೆ ಪ್ರವೇಶಾತಿಗೆ ಅರ್ಜಿ ಆಹ್ವಾನಿಸಲಾಗಿದೆ ಎಂದು ಪ್ರಕಟಣೆಯಲ್ಲಿ ತಿಳಿಸಿದ್ದಾರೆ.
